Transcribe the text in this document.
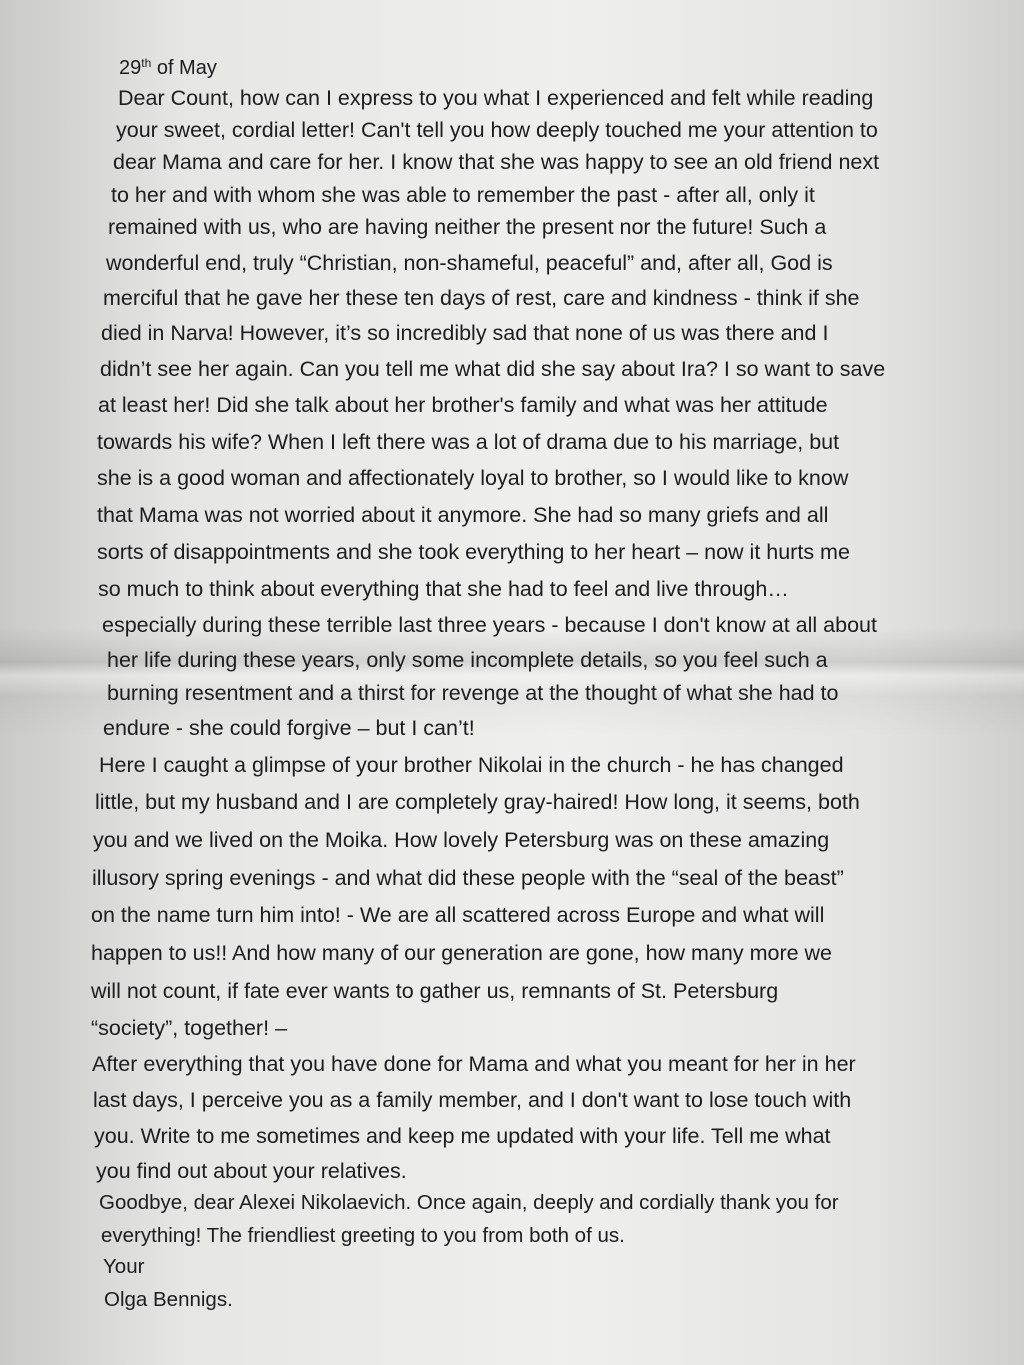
29th of May
Dear Count, how can I express to you what I experienced and felt while reading
your sweet, cordial letter! Can't tell you how deeply touched me your attention to
dear Mama and care for her. I know that she was happy to see an old friend next
to her and with whom she was able to remember the past - after all, only it
remained with us, who are having neither the present nor the future! Such a
wonderful end, truly “Christian, non-shameful, peaceful” and, after all, God is
merciful that he gave her these ten days of rest, care and kindness - think if she
died in Narva! However, it’s so incredibly sad that none of us was there and I
didn’t see her again. Can you tell me what did she say about Ira? I so want to save
at least her! Did she talk about her brother's family and what was her attitude
towards his wife? When I left there was a lot of drama due to his marriage, but
she is a good woman and affectionately loyal to brother, so I would like to know
that Mama was not worried about it anymore. She had so many griefs and all
sorts of disappointments and she took everything to her heart – now it hurts me
so much to think about everything that she had to feel and live through…
especially during these terrible last three years - because I don't know at all about
her life during these years, only some incomplete details, so you feel such a
burning resentment and a thirst for revenge at the thought of what she had to
endure - she could forgive – but I can’t!
Here I caught a glimpse of your brother Nikolai in the church - he has changed
little, but my husband and I are completely gray-haired! How long, it seems, both
you and we lived on the Moika. How lovely Petersburg was on these amazing
illusory spring evenings - and what did these people with the “seal of the beast”
on the name turn him into! - We are all scattered across Europe and what will
happen to us!! And how many of our generation are gone, how many more we
will not count, if fate ever wants to gather us, remnants of St. Petersburg
“society”, together! –
After everything that you have done for Mama and what you meant for her in her
last days, I perceive you as a family member, and I don't want to lose touch with
you. Write to me sometimes and keep me updated with your life. Tell me what
you find out about your relatives.
Goodbye, dear Alexei Nikolaevich. Once again, deeply and cordially thank you for
everything! The friendliest greeting to you from both of us.
Your
Olga Bennigs.
